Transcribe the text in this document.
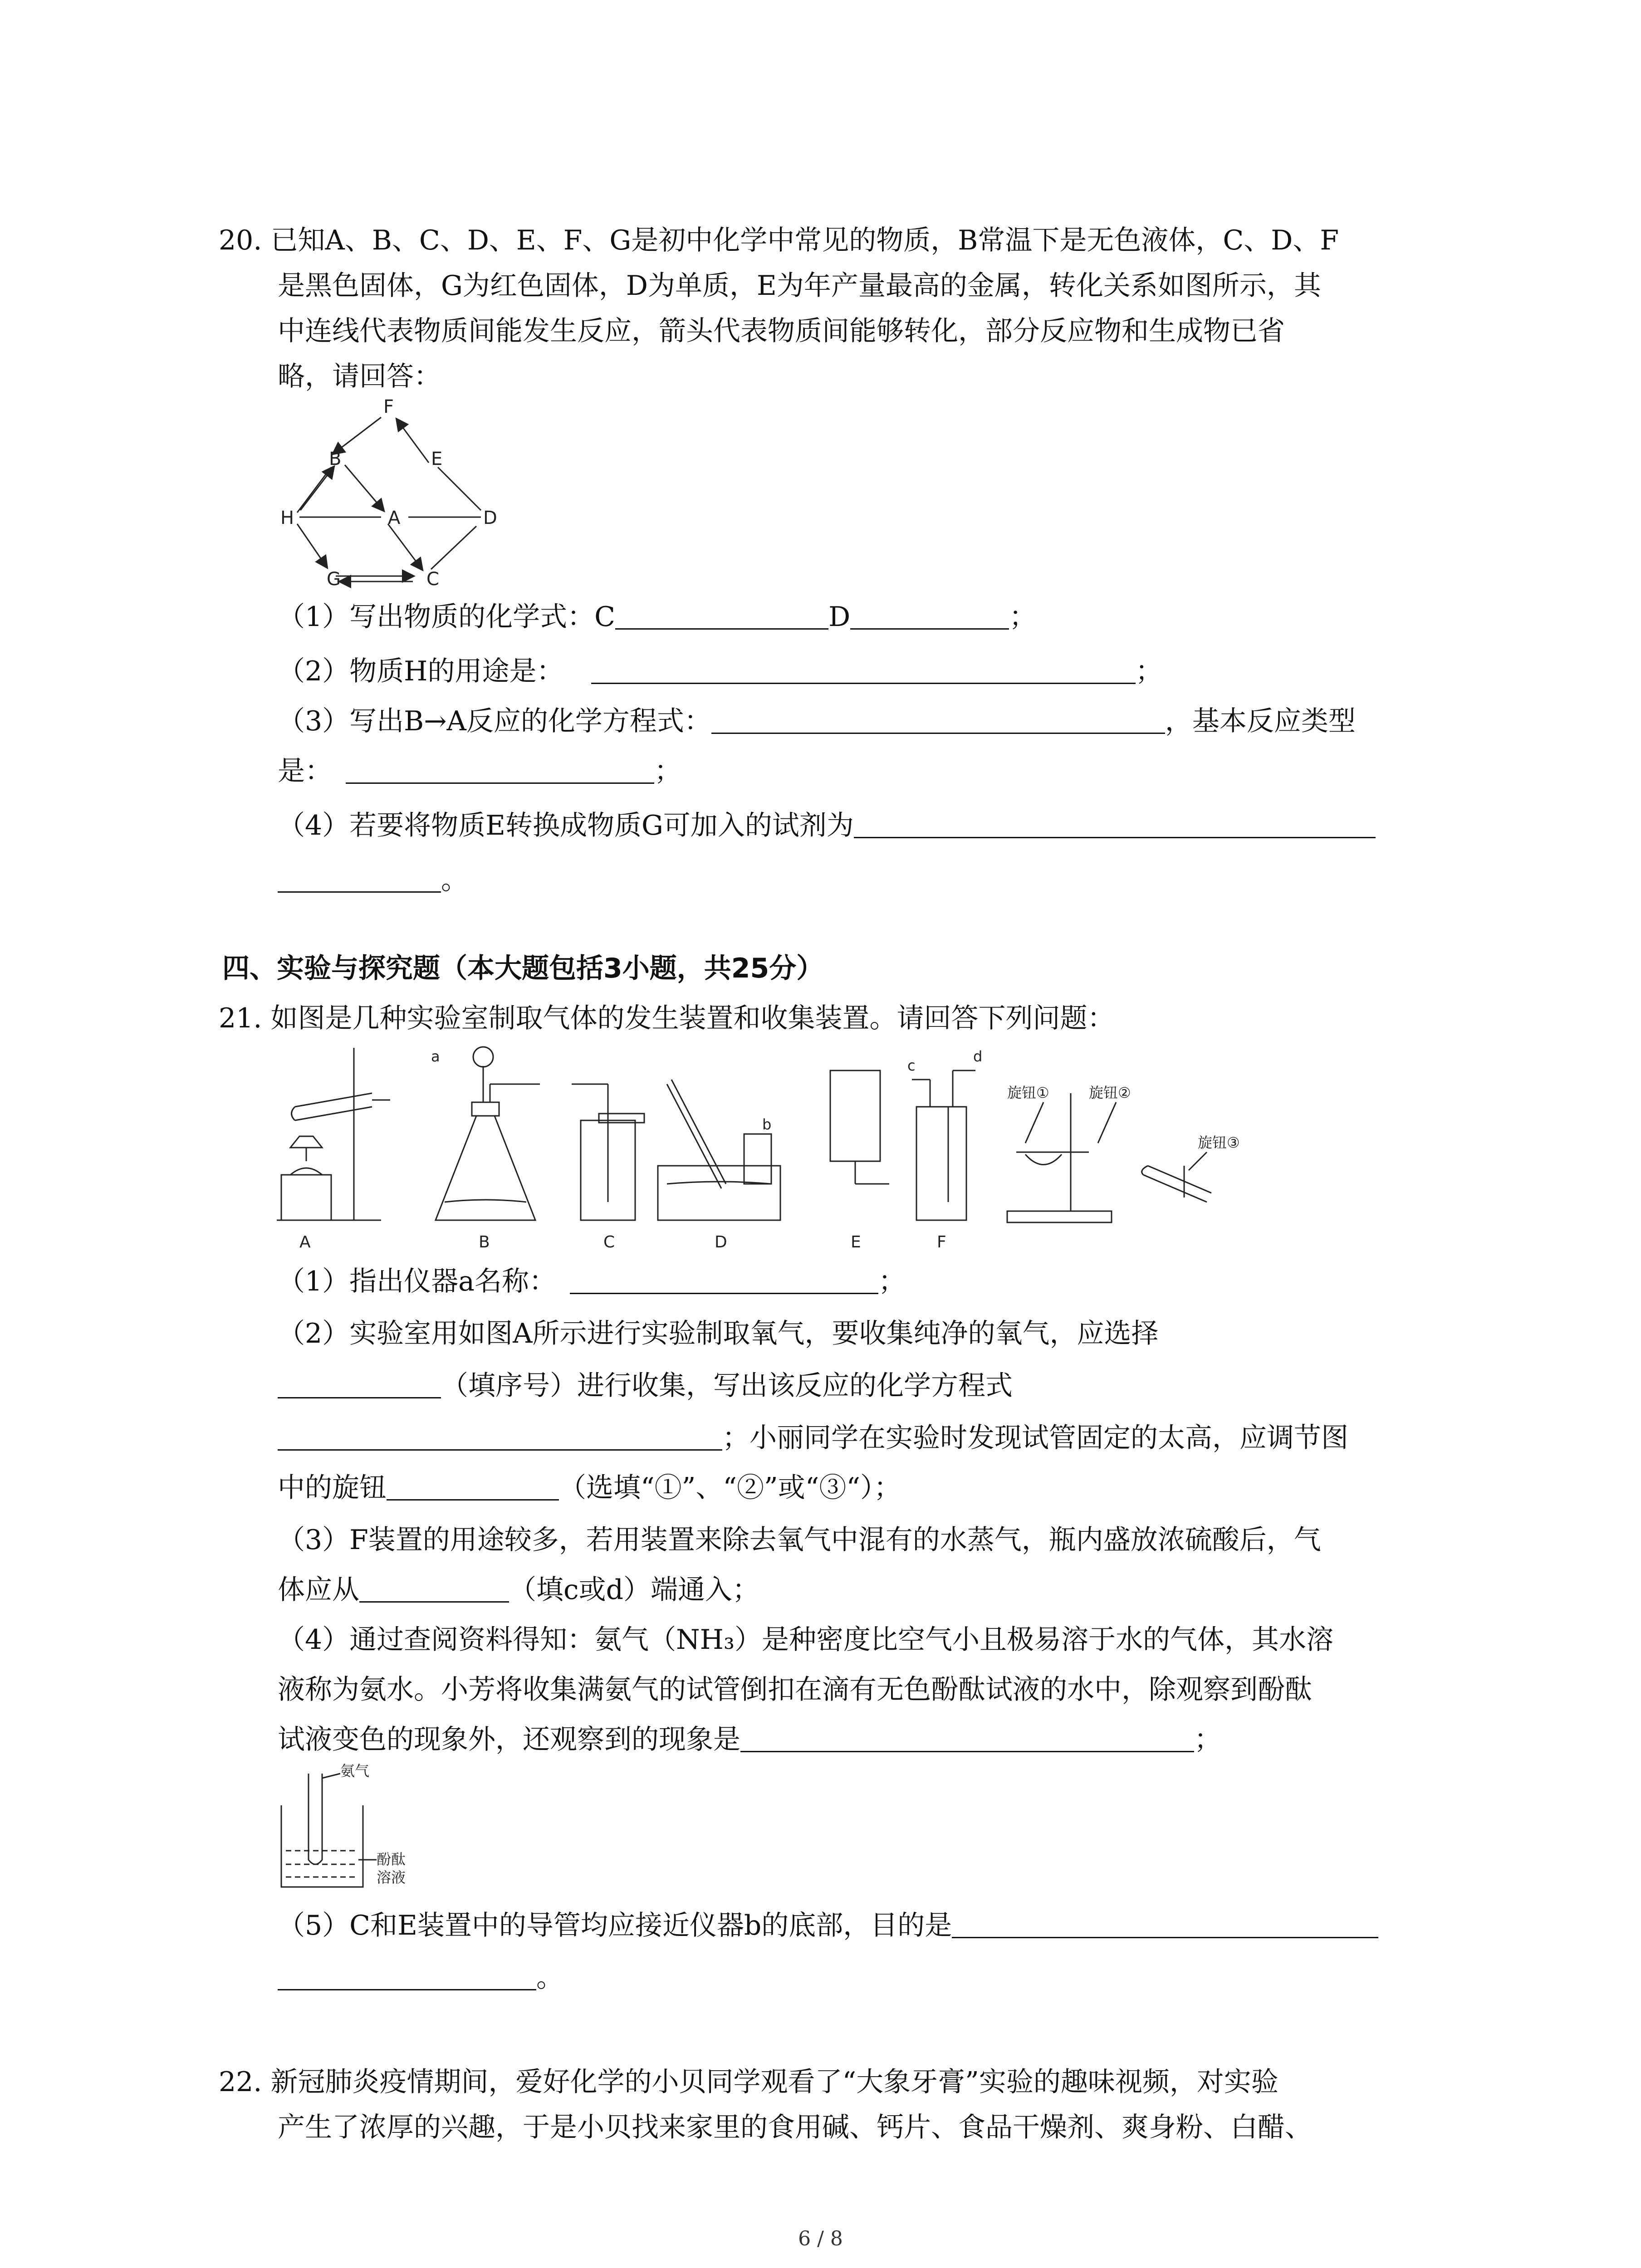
20. 已知A、B、C、D、E、F、G是初中化学中常见的物质，B常温下是无色液体，C、D、F
是黑色固体，G为红色固体，D为单质，E为年产量最高的金属，转化关系如图所示，其
中连线代表物质间能发生反应，箭头代表物质间能够转化，部分反应物和生成物已省
略，请回答：
F
B	E
H	A	D
G	C
（1）写出物质的化学式：C	D	；
（2）物质H的用途是：	；
（3）写出B→A反应的化学方程式：	，基本反应类型
是：	；
（4）若要将物质E转换成物质G可加入的试剂为
。
四、实验与探究题（本大题包括3小题，共25分）
21. 如图是几种实验室制取气体的发生装置和收集装置。请回答下列问题：
A	B	C	D	E	F
a
b
c
d
旋钮①	旋钮②
旋钮③
（1）指出仪器a名称：	；
（2）实验室用如图A所示进行实验制取氧气，要收集纯净的氧气，应选择
（填序号）进行收集，写出该反应的化学方程式
；小丽同学在实验时发现试管固定的太高，应调节图
中的旋钮	（选填“①”、“②”或“③“）；
（3）F装置的用途较多，若用装置来除去氧气中混有的水蒸气，瓶内盛放浓硫酸后，气
体应从	（填c或d）端通入；
（4）通过查阅资料得知：氨气（NH₃）是种密度比空气小且极易溶于水的气体，其水溶
液称为氨水。小芳将收集满氨气的试管倒扣在滴有无色酚酞试液的水中，除观察到酚酞
试液变色的现象外，还观察到的现象是	；
氨气
酚酞
溶液
（5）C和E装置中的导管均应接近仪器b的底部，目的是
。
22. 新冠肺炎疫情期间，爱好化学的小贝同学观看了“大象牙膏”实验的趣味视频，对实验
产生了浓厚的兴趣，于是小贝找来家里的食用碱、钙片、食品干燥剂、爽身粉、白醋、
6 / 8
